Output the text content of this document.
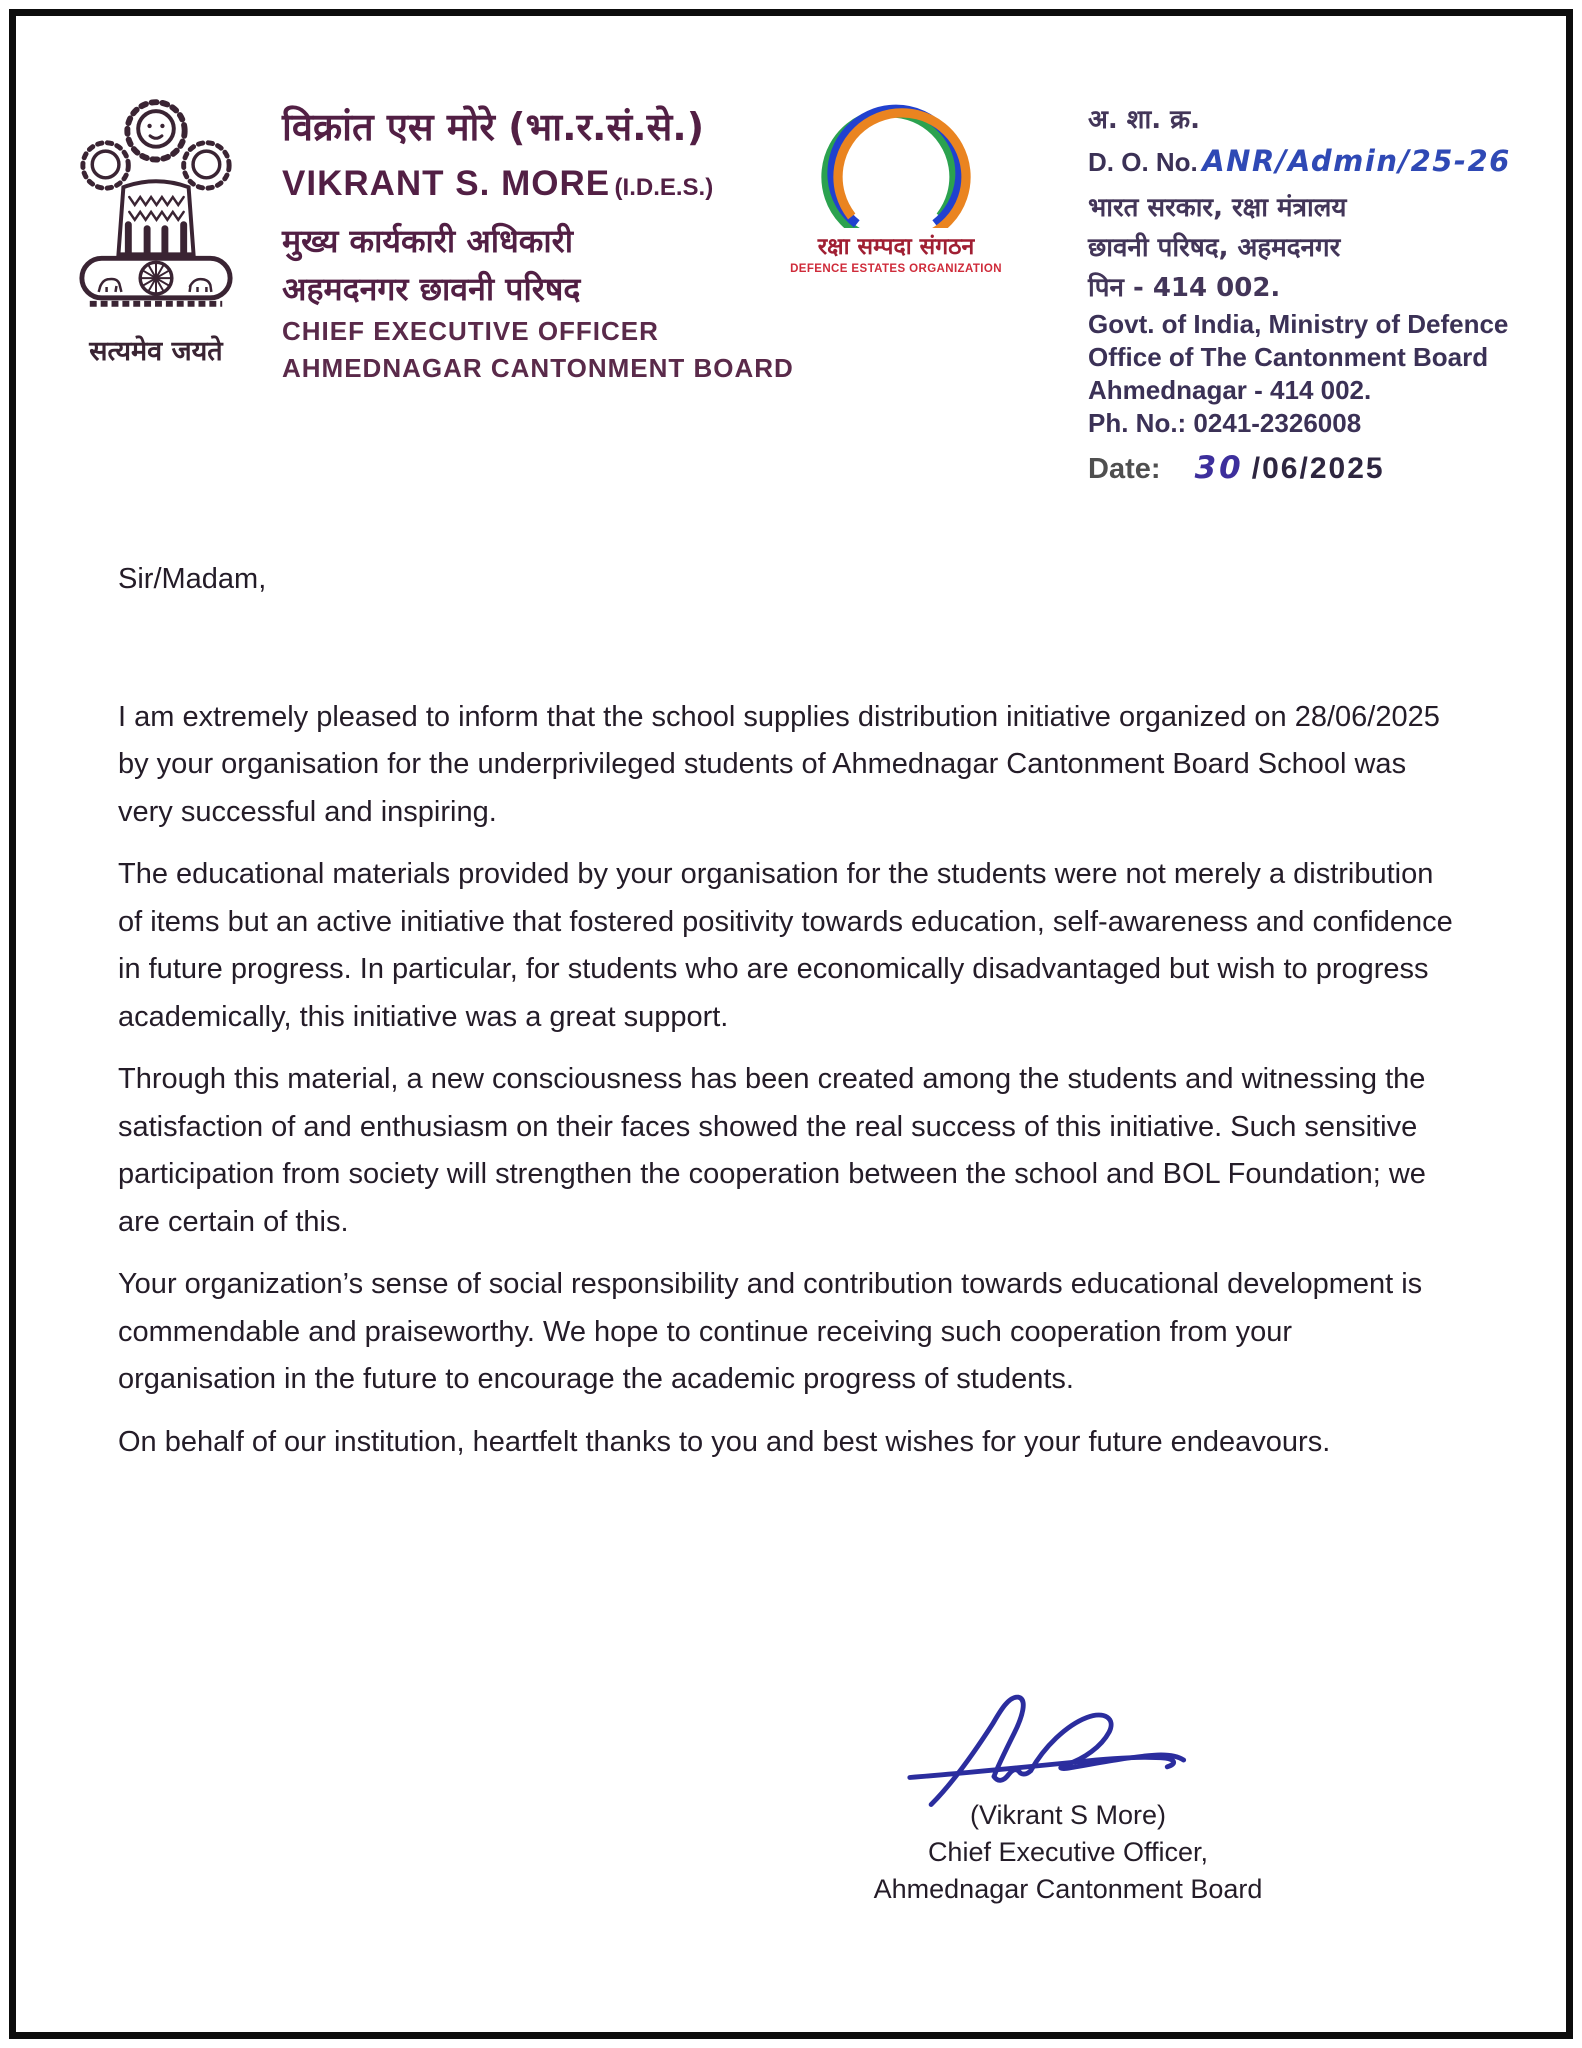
सत्यमेव जयते
विक्रांत एस मोरे (भा.र.सं.से.)
VIKRANT S. MORE (I.D.E.S.)
मुख्य कार्यकारी अधिकारी
अहमदनगर छावनी परिषद
CHIEF EXECUTIVE OFFICER
AHMEDNAGAR CANTONMENT BOARD
रक्षा सम्पदा संगठन
DEFENCE ESTATES ORGANIZATION
अ. शा. क्र.
D. O. No. ANR/Admin/25-26
भारत सरकार, रक्षा मंत्रालय
छावनी परिषद, अहमदनगर
पिन - 414 002.
Govt. of India, Ministry of Defence
Office of The Cantonment Board
Ahmednagar - 414 002.
Ph. No.: 0241-2326008
Date: 30 /06/2025

Sir/Madam,

I am extremely pleased to inform that the school supplies distribution initiative organized on 28/06/2025 by your organisation for the underprivileged students of Ahmednagar Cantonment Board School was very successful and inspiring.

The educational materials provided by your organisation for the students were not merely a distribution of items but an active initiative that fostered positivity towards education, self-awareness and confidence in future progress. In particular, for students who are economically disadvantaged but wish to progress academically, this initiative was a great support.

Through this material, a new consciousness has been created among the students and witnessing the satisfaction of and enthusiasm on their faces showed the real success of this initiative. Such sensitive participation from society will strengthen the cooperation between the school and BOL Foundation; we are certain of this.

Your organization’s sense of social responsibility and contribution towards educational development is commendable and praiseworthy. We hope to continue receiving such cooperation from your organisation in the future to encourage the academic progress of students.

On behalf of our institution, heartfelt thanks to you and best wishes for your future endeavours.

(Vikrant S More)
Chief Executive Officer,
Ahmednagar Cantonment Board
